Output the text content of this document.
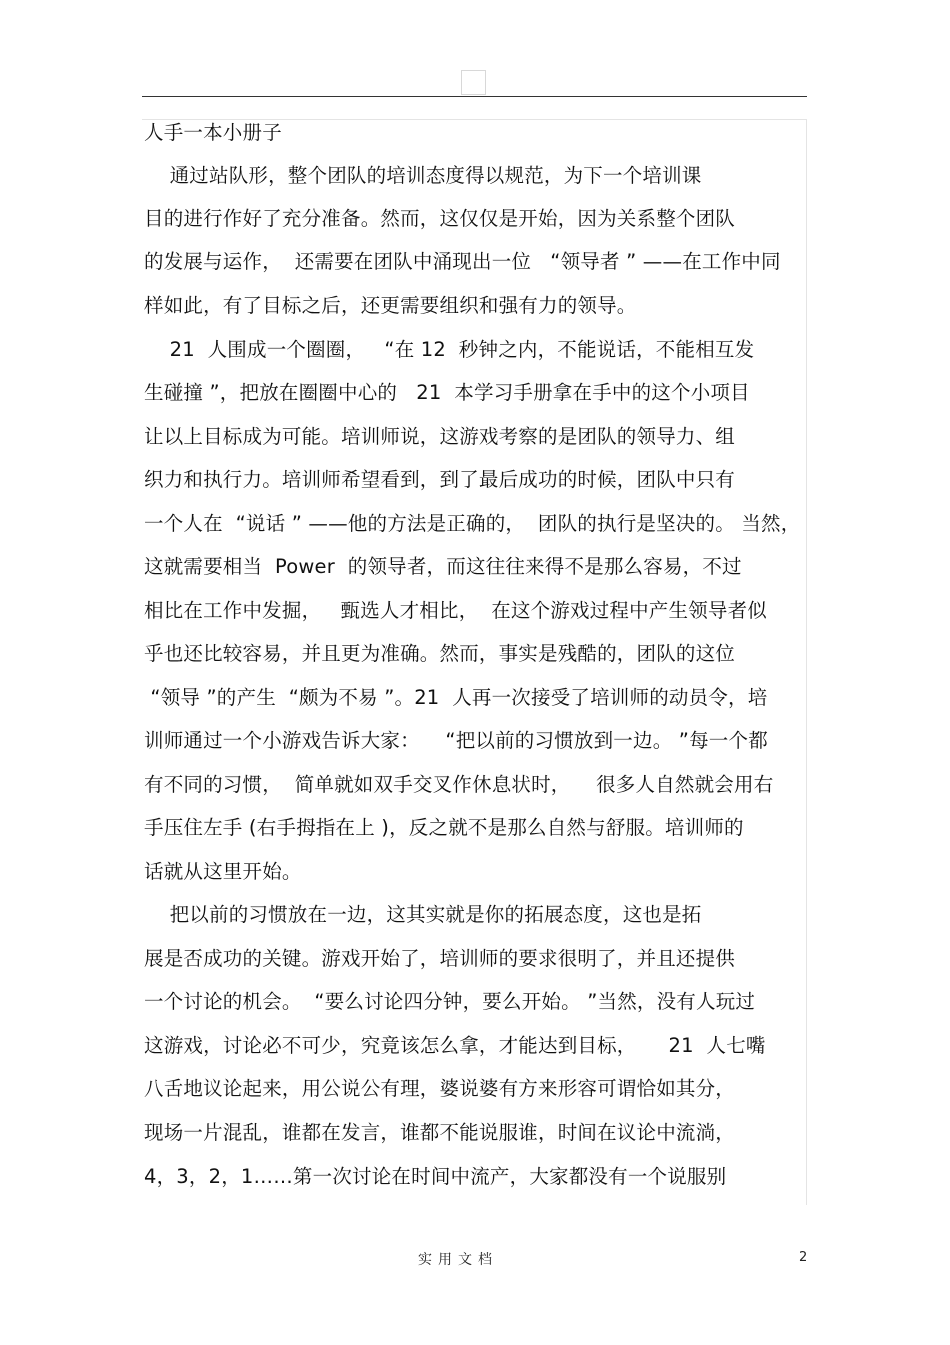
人手一本小册子
通过站队形，整个团队的培训态度得以规范，为下一个培训课
目的进行作好了充分准备。然而，这仅仅是开始，因为关系整个团队
的发展与运作，  还需要在团队中涌现出一位   “领导者 ” ——在工作中同
样如此，有了目标之后，还更需要组织和强有力的领导。
21  人围成一个圈圈，   “在 12  秒钟之内，不能说话，不能相互发
生碰撞 ”，把放在圈圈中心的   21  本学习手册拿在手中的这个小项目
让以上目标成为可能。培训师说，这游戏考察的是团队的领导力、组
织力和执行力。培训师希望看到，到了最后成功的时候，团队中只有
一个人在  “说话 ” ——他的方法是正确的，  团队的执行是坚决的。 当然，
这就需要相当  Power  的领导者，而这往往来得不是那么容易，不过
相比在工作中发掘，   甄选人才相比，  在这个游戏过程中产生领导者似
乎也还比较容易，并且更为准确。然而，事实是残酷的，团队的这位
“领导 ”的产生  “颇为不易 ”。21  人再一次接受了培训师的动员令，培
训师通过一个小游戏告诉大家：    “把以前的习惯放到一边。 ”每一个都
有不同的习惯，  简单就如双手交叉作休息状时，    很多人自然就会用右
手压住左手 (右手拇指在上 )，反之就不是那么自然与舒服。培训师的
话就从这里开始。
把以前的习惯放在一边，这其实就是你的拓展态度，这也是拓
展是否成功的关键。游戏开始了，培训师的要求很明了，并且还提供
一个讨论的机会。  “要么讨论四分钟，要么开始。 ”当然，没有人玩过
这游戏，讨论必不可少，究竟该怎么拿，才能达到目标，     21  人七嘴
八舌地议论起来，用公说公有理，婆说婆有方来形容可谓恰如其分，
现场一片混乱，谁都在发言，谁都不能说服谁，时间在议论中流淌，
4，3，2，1……第一次讨论在时间中流产，大家都没有一个说服别
实用文档	2
